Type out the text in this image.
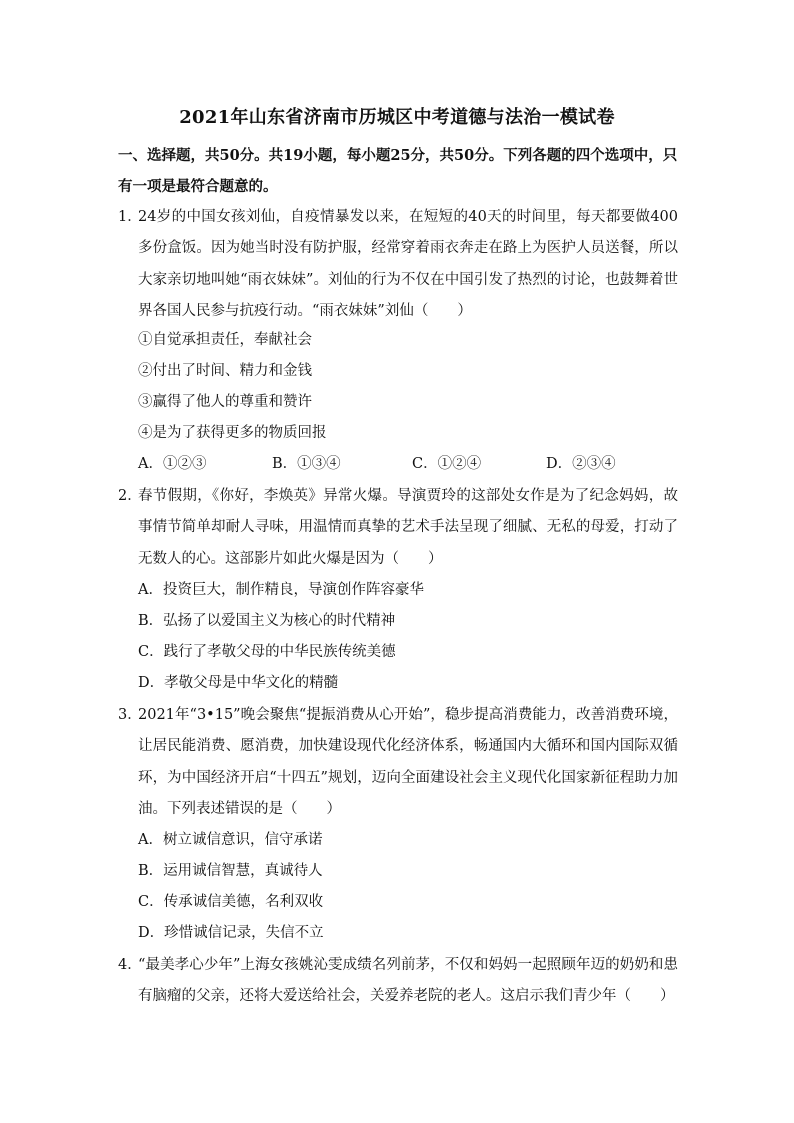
2021年山东省济南市历城区中考道德与法治一模试卷
一、选择题，共50分。共19小题，每小题25分，共50分。下列各题的四个选项中，只有一项是最符合题意的。
1．
24岁的中国女孩刘仙，自疫情暴发以来，在短短的40天的时间里，每天都要做400多份盒饭。因为她当时没有防护服，经常穿着雨衣奔走在路上为医护人员送餐，所以大家亲切地叫她“雨衣妹妹”。刘仙的行为不仅在中国引发了热烈的讨论，也鼓舞着世界各国人民参与抗疫行动。“雨衣妹妹”刘仙（　　）
①自觉承担责任，奉献社会
②付出了时间、精力和金钱
③赢得了他人的尊重和赞许
④是为了获得更多的物质回报
A．①②③	B．①③④	C．①②④	D．②③④
2．
春节假期，《你好，李焕英》异常火爆。导演贾玲的这部处女作是为了纪念妈妈，故事情节简单却耐人寻味，用温情而真挚的艺术手法呈现了细腻、无私的母爱，打动了无数人的心。这部影片如此火爆是因为（　　）
A．投资巨大，制作精良，导演创作阵容豪华
B．弘扬了以爱国主义为核心的时代精神
C．践行了孝敬父母的中华民族传统美德
D．孝敬父母是中华文化的精髓
3．
2021年“3•15”晚会聚焦“提振消费从心开始”，稳步提高消费能力，改善消费环境，让居民能消费、愿消费，加快建设现代化经济体系，畅通国内大循环和国内国际双循环，为中国经济开启“十四五”规划，迈向全面建设社会主义现代化国家新征程助力加油。下列表述错误的是（　　）
A．树立诚信意识，信守承诺
B．运用诚信智慧，真诚待人
C．传承诚信美德，名利双收
D．珍惜诚信记录，失信不立
4．
“最美孝心少年”上海女孩姚沁雯成绩名列前茅，不仅和妈妈一起照顾年迈的奶奶和患有脑瘤的父亲，还将大爱送给社会，关爱养老院的老人。这启示我们青少年（　　）
